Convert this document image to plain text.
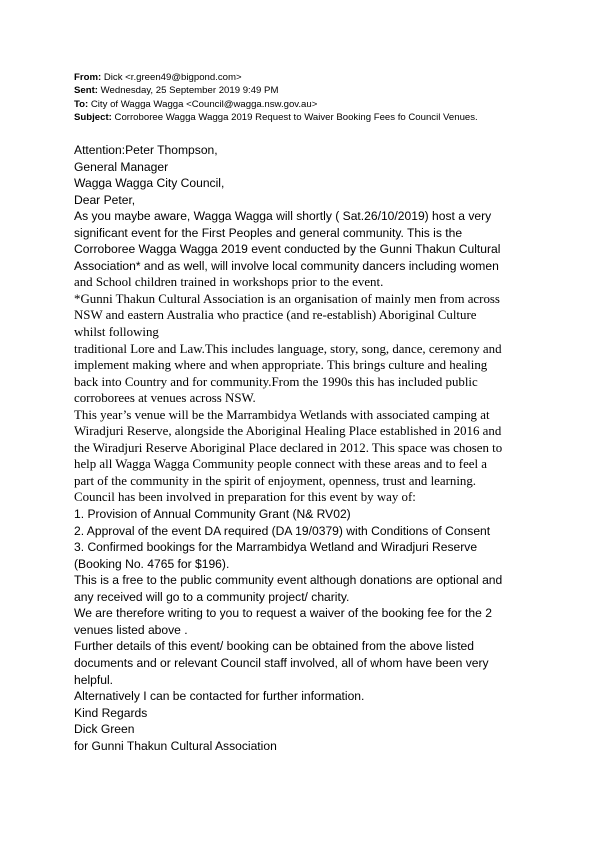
From: Dick <r.green49@bigpond.com>
Sent: Wednesday, 25 September 2019 9:49 PM
To: City of Wagga Wagga <Council@wagga.nsw.gov.au>
Subject: Corroboree Wagga Wagga 2019 Request to Waiver Booking Fees fo Council Venues.
Attention:Peter Thompson,
General Manager
Wagga Wagga City Council,
Dear Peter,
As you maybe aware, Wagga Wagga will shortly ( Sat.26/10/2019) host a very
significant event for the First Peoples and general community. This is the
Corroboree Wagga Wagga 2019 event conducted by the Gunni Thakun Cultural
Association* and as well, will involve local community dancers including women
and School children trained in workshops prior to the event.
*Gunni Thakun Cultural Association is an organisation of mainly men from across
NSW and eastern Australia who practice (and re-establish) Aboriginal Culture
whilst following
traditional Lore and Law.This includes language, story, song, dance, ceremony and
implement making where and when appropriate. This brings culture and healing
back into Country and for community.From the 1990s this has included public
corroborees at venues across NSW.
This year’s venue will be the Marrambidya Wetlands with associated camping at
Wiradjuri Reserve, alongside the Aboriginal Healing Place established in 2016 and
the Wiradjuri Reserve Aboriginal Place declared in 2012. This space was chosen to
help all Wagga Wagga Community people connect with these areas and to feel a
part of the community in the spirit of enjoyment, openness, trust and learning.
Council has been involved in preparation for this event by way of:
1. Provision of Annual Community Grant (N& RV02)
2. Approval of the event DA required (DA 19/0379) with Conditions of Consent
3. Confirmed bookings for the Marrambidya Wetland and Wiradjuri Reserve
(Booking No. 4765 for $196).
This is a free to the public community event although donations are optional and
any received will go to a community project/ charity.
We are therefore writing to you to request a waiver of the booking fee for the 2
venues listed above .
Further details of this event/ booking can be obtained from the above listed
documents and or relevant Council staff involved, all of whom have been very
helpful.
Alternatively I can be contacted for further information.
Kind Regards
Dick Green
for Gunni Thakun Cultural Association
